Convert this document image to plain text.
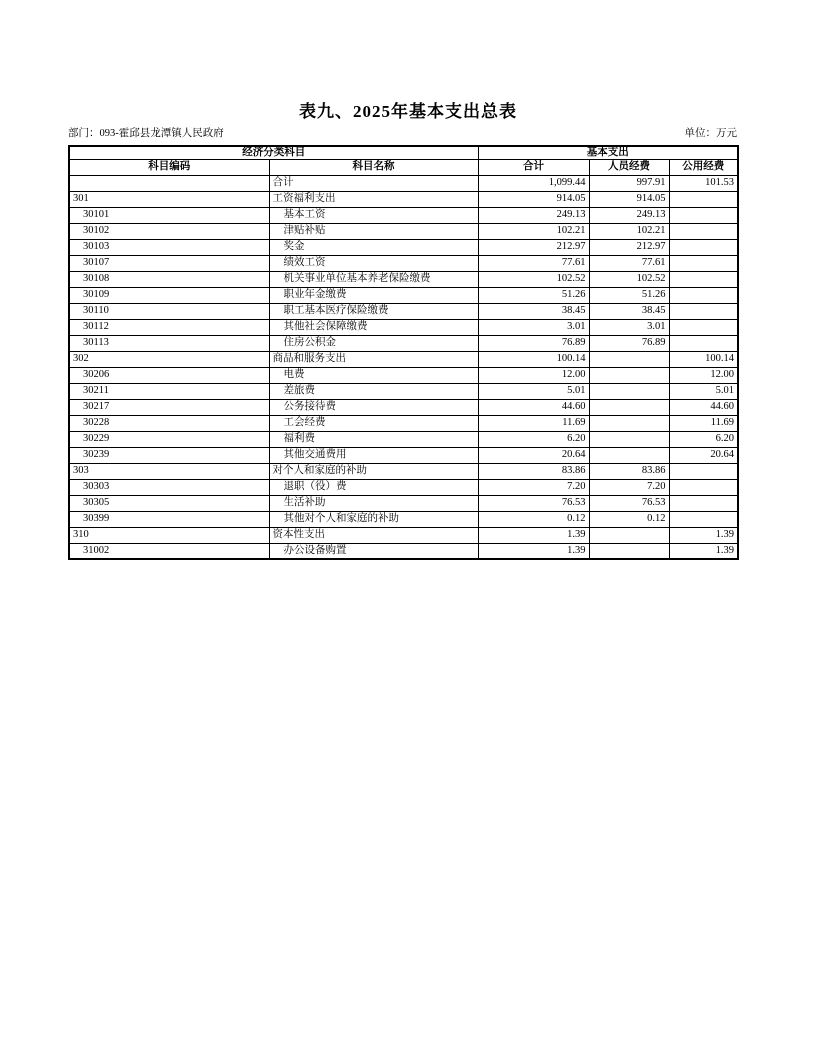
表九、2025年基本支出总表
部门：093-霍邱县龙潭镇人民政府	单位：万元
经济分类科目		基本支出		
科目编码	科目名称	合计	人员经费	公用经费
	合计	1,099.44	997.91	101.53
301	工资福利支出	914.05	914.05	
30101	基本工资	249.13	249.13	
30102	津贴补贴	102.21	102.21	
30103	奖金	212.97	212.97	
30107	绩效工资	77.61	77.61	
30108	机关事业单位基本养老保险缴费	102.52	102.52	
30109	职业年金缴费	51.26	51.26	
30110	职工基本医疗保险缴费	38.45	38.45	
30112	其他社会保障缴费	3.01	3.01	
30113	住房公积金	76.89	76.89	
302	商品和服务支出	100.14		100.14
30206	电费	12.00		12.00
30211	差旅费	5.01		5.01
30217	公务接待费	44.60		44.60
30228	工会经费	11.69		11.69
30229	福利费	6.20		6.20
30239	其他交通费用	20.64		20.64
303	对个人和家庭的补助	83.86	83.86	
30303	退职（役）费	7.20	7.20	
30305	生活补助	76.53	76.53	
30399	其他对个人和家庭的补助	0.12	0.12	
310	资本性支出	1.39		1.39
31002	办公设备购置	1.39		1.39
